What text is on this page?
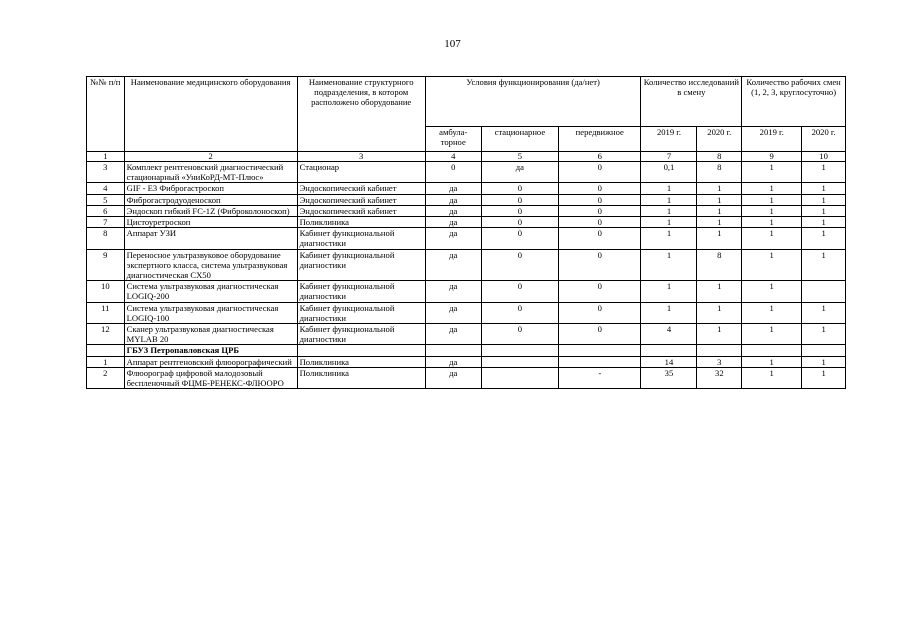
107
№№ п/п	Наименование медицинского оборудования	Наименование структурного подразделения, в котором расположено оборудование	Условия функционирования (да/нет)			Количество исследований в смену		Количество рабочих смен (1, 2, 3, круглосуточно)	
			амбула-торное	стационарное	передвижное	2019 г.	2020 г.	2019 г.	2020 г.
1	2	3	4	5	6	7	8	9	10
3	Комплект рентгеновский диагностический стационарный «УниКоРД-МТ-Плюс»	Стационар	0	да	0	0,1	8	1	1
4	GIF - E3 Фиброгастроскоп	Эндоскопический кабинет	да	0	0	1	1	1	1
5	Фиброгастродуоденоскоп	Эндоскопический кабинет	да	0	0	1	1	1	1
6	Эндоскоп гибкий FC-1Z (Фиброколоноскоп)	Эндоскопический кабинет	да	0	0	1	1	1	1
7	Цистоуретроскоп	Поликлиника	да	0	0	1	1	1	1
8	Аппарат УЗИ	Кабинет функциональной диагностики	да	0	0	1	1	1	1
9	Переносное ультразвуковое оборудование экспертного класса, система ультразвуковая диагностическая CX50	Кабинет функциональной диагностики	да	0	0	1	8	1	1
10	Система ультразвуковая диагностическая LOGIQ-200	Кабинет функциональной диагностики	да	0	0	1	1	1	
11	Система ультразвуковая диагностическая LOGIQ-100	Кабинет функциональной диагностики	да	0	0	1	1	1	1
12	Сканер ультразвуковая диагностическая MYLAB 20	Кабинет функциональной диагностики	да	0	0	4	1	1	1
	ГБУЗ Петропавловская ЦРБ								
1	Аппарат рентгеновский флюорографический	Поликлиника	да			14	3	1	1
2	Флюорограф цифровой малодозовый беспленочный ФЦМБ-РЕНЕКС-ФЛЮОРО	Поликлиника	да		-	35	32	1	1
